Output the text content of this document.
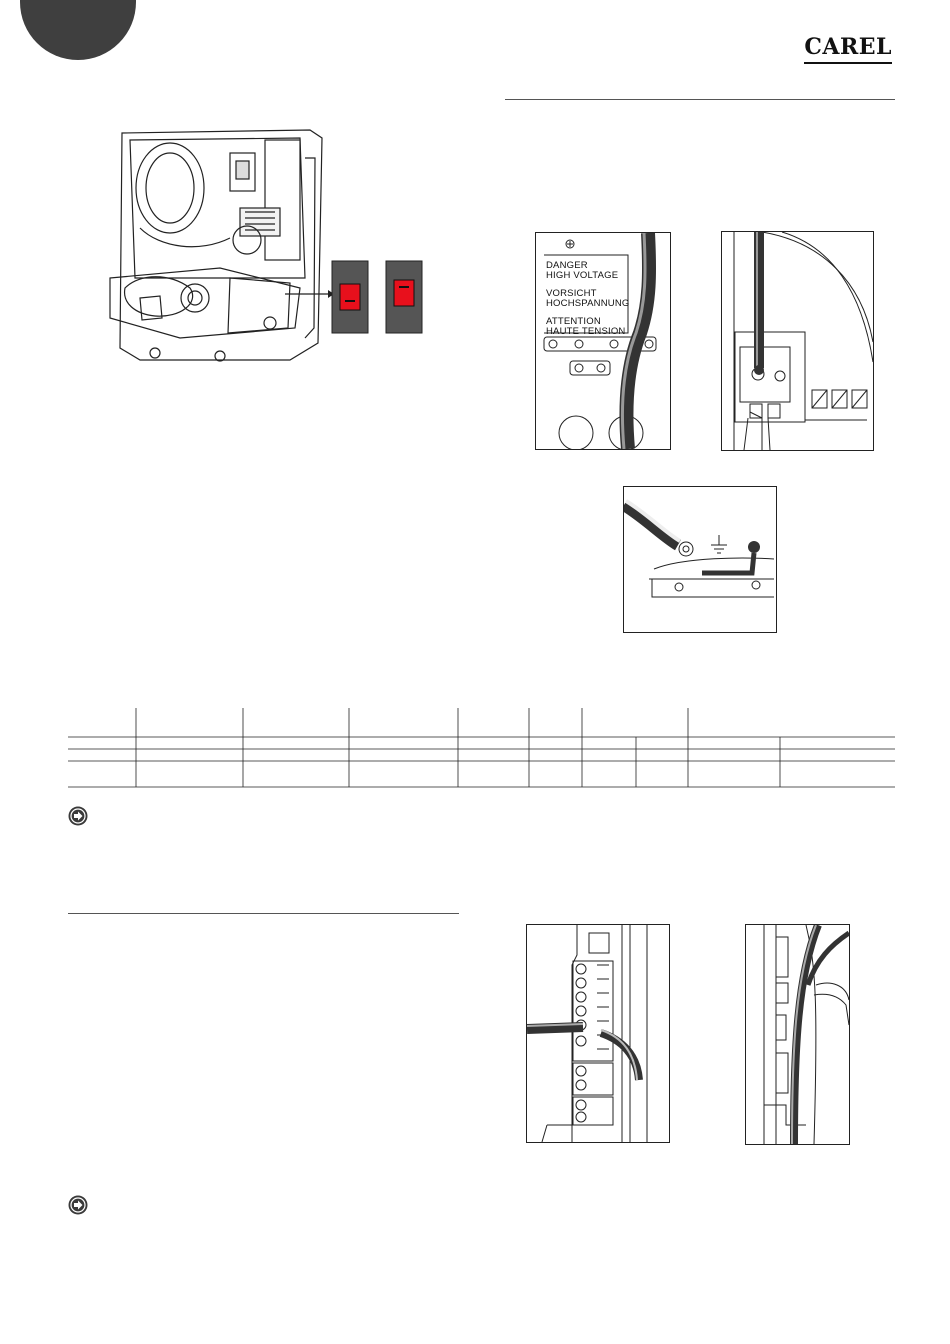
CAREL
DANGER
HIGH VOLTAGE
VORSICHT
HOCHSPANNUNG
ATTENTION
HAUTE TENSION
